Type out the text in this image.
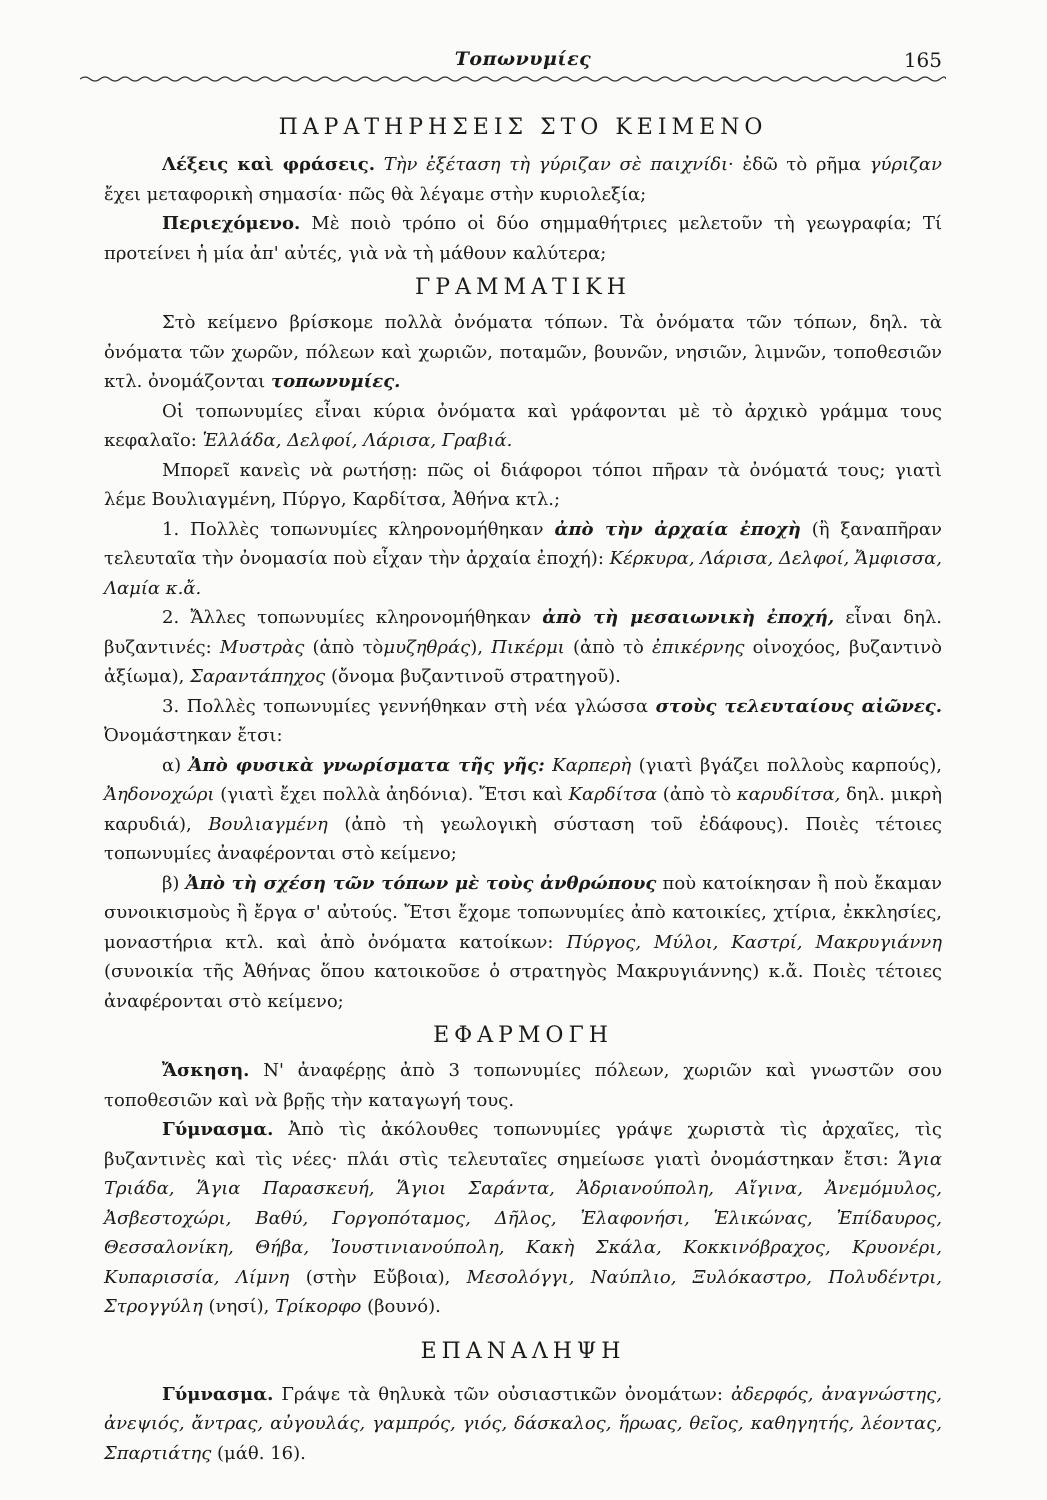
Τοπωνυμίες	165
ΠΑΡΑΤΗΡΗΣΕΙΣ ΣΤΟ ΚΕΙΜΕΝΟ

Λέξεις καὶ φράσεις. Τὴν ἐξέταση τὴ γύριζαν σὲ παιχνίδι· ἐδῶ τὸ ρῆμα γύριζαν ἔχει μεταφορικὴ σημασία· πῶς θὰ λέγαμε στὴν κυριολεξία;

Περιεχόμενο. Μὲ ποιὸ τρόπο οἱ δύο σημμαθήτριες μελετοῦν τὴ γεωγραφία; Τί προτείνει ἡ μία ἀπ' αὐτές, γιὰ νὰ τὴ μάθουν καλύτερα;

ΓΡΑΜΜΑΤΙΚΗ

Στὸ κείμενο βρίσκομε πολλὰ ὀνόματα τόπων. Τὰ ὀνόματα τῶν τόπων, δηλ. τὰ ὀνόματα τῶν χωρῶν, πόλεων καὶ χωριῶν, ποταμῶν, βουνῶν, νησιῶν, λιμνῶν, τοποθεσιῶν κτλ. ὀνομάζονται τοπωνυμίες.

Οἱ τοπωνυμίες εἶναι κύρια ὀνόματα καὶ γράφονται μὲ τὸ ἀρχικὸ γράμμα τους κεφαλαῖο: Ἑλλάδα, Δελφοί, Λάρισα, Γραβιά.

Μπορεῖ κανεὶς νὰ ρωτήσῃ: πῶς οἱ διάφοροι τόποι πῆραν τὰ ὀνόματά τους; γιατὶ λέμε Βουλιαγμένη, Πύργο, Καρδίτσα, Ἀθήνα κτλ.;

1. Πολλὲς τοπωνυμίες κληρονομήθηκαν ἀπὸ τὴν ἀρχαία ἐποχὴ (ἢ ξαναπῆραν τελευταῖα τὴν ὀνομασία ποὺ εἶχαν τὴν ἀρχαία ἐποχή): Κέρκυρα, Λάρισα, Δελφοί, Ἄμφισσα, Λαμία κ.ἄ.

2. Ἄλλες τοπωνυμίες κληρονομήθηκαν ἀπὸ τὴ μεσαιωνικὴ ἐποχή, εἶναι δηλ. βυζαντινές: Μυστρὰς (ἀπὸ τὸμυζηθράς), Πικέρμι (ἀπὸ τὸ ἐπικέρνης οἰνοχόος, βυζαντινὸ ἀξίωμα), Σαραντάπηχος (ὄνομα βυζαντινοῦ στρατηγοῦ).

3. Πολλὲς τοπωνυμίες γεννήθηκαν στὴ νέα γλώσσα στοὺς τελευταίους αἰῶνες. Ὀνομάστηκαν ἔτσι:

α) Ἀπὸ φυσικὰ γνωρίσματα τῆς γῆς: Καρπερὴ (γιατὶ βγάζει πολλοὺς καρπούς), Ἀηδονοχώρι (γιατὶ ἔχει πολλὰ ἀηδόνια). Ἔτσι καὶ Καρδίτσα (ἀπὸ τὸ καρυδίτσα, δηλ. μικρὴ καρυδιά), Βουλιαγμένη (ἀπὸ τὴ γεωλογικὴ σύσταση τοῦ ἐδάφους). Ποιὲς τέτοιες τοπωνυμίες ἀναφέρονται στὸ κείμενο;

β) Ἀπὸ τὴ σχέση τῶν τόπων μὲ τοὺς ἀνθρώπους ποὺ κατοίκησαν ἢ ποὺ ἔκαμαν συνοικισμοὺς ἢ ἔργα σ' αὐτούς. Ἔτσι ἔχομε τοπωνυμίες ἀπὸ κατοικίες, χτίρια, ἐκκλησίες, μοναστήρια κτλ. καὶ ἀπὸ ὀνόματα κατοίκων: Πύργος, Μύλοι, Καστρί, Μακρυγιάννη (συνοικία τῆς Ἀθήνας ὅπου κατοικοῦσε ὁ στρατηγὸς Μακρυγιάννης) κ.ἄ. Ποιὲς τέτοιες ἀναφέρονται στὸ κείμενο;

ΕΦΑΡΜΟΓΗ

Ἄσκηση. Ν' ἀναφέρῃς ἀπὸ 3 τοπωνυμίες πόλεων, χωριῶν καὶ γνωστῶν σου τοποθεσιῶν καὶ νὰ βρῇς τὴν καταγωγή τους.

Γύμνασμα. Ἀπὸ τὶς ἀκόλουθες τοπωνυμίες γράψε χωριστὰ τὶς ἀρχαῖες, τὶς βυζαντινὲς καὶ τὶς νέες· πλάι στὶς τελευταῖες σημείωσε γιατὶ ὀνομάστηκαν ἔτσι: Ἅγια Τριάδα, Ἅγια Παρασκευή, Ἅγιοι Σαράντα, Ἀδριανούπολη, Αἴγινα, Ἀνεμόμυλος, Ἀσβεστοχώρι, Βαθύ, Γοργοπόταμος, Δῆλος, Ἐλαφονήσι, Ἑλικώνας, Ἐπίδαυρος, Θεσσαλονίκη, Θήβα, Ἰουστινιανούπολη, Κακὴ Σκάλα, Κοκκινόβραχος, Κρυονέρι, Κυπαρισσία, Λίμνη (στὴν Εὔβοια), Μεσολόγγι, Ναύπλιο, Ξυλόκαστρο, Πολυδέντρι, Στρογγύλη (νησί), Τρίκορφο (βουνό).

ΕΠΑΝΑΛΗΨΗ

Γύμνασμα. Γράψε τὰ θηλυκὰ τῶν οὐσιαστικῶν ὀνομάτων: ἀδερφός, ἀναγνώστης, ἀνεψιός, ἄντρας, αὐγουλάς, γαμπρός, γιός, δάσκαλος, ἥρωας, θεῖος, καθηγητής, λέοντας, Σπαρτιάτης (μάθ. 16).
